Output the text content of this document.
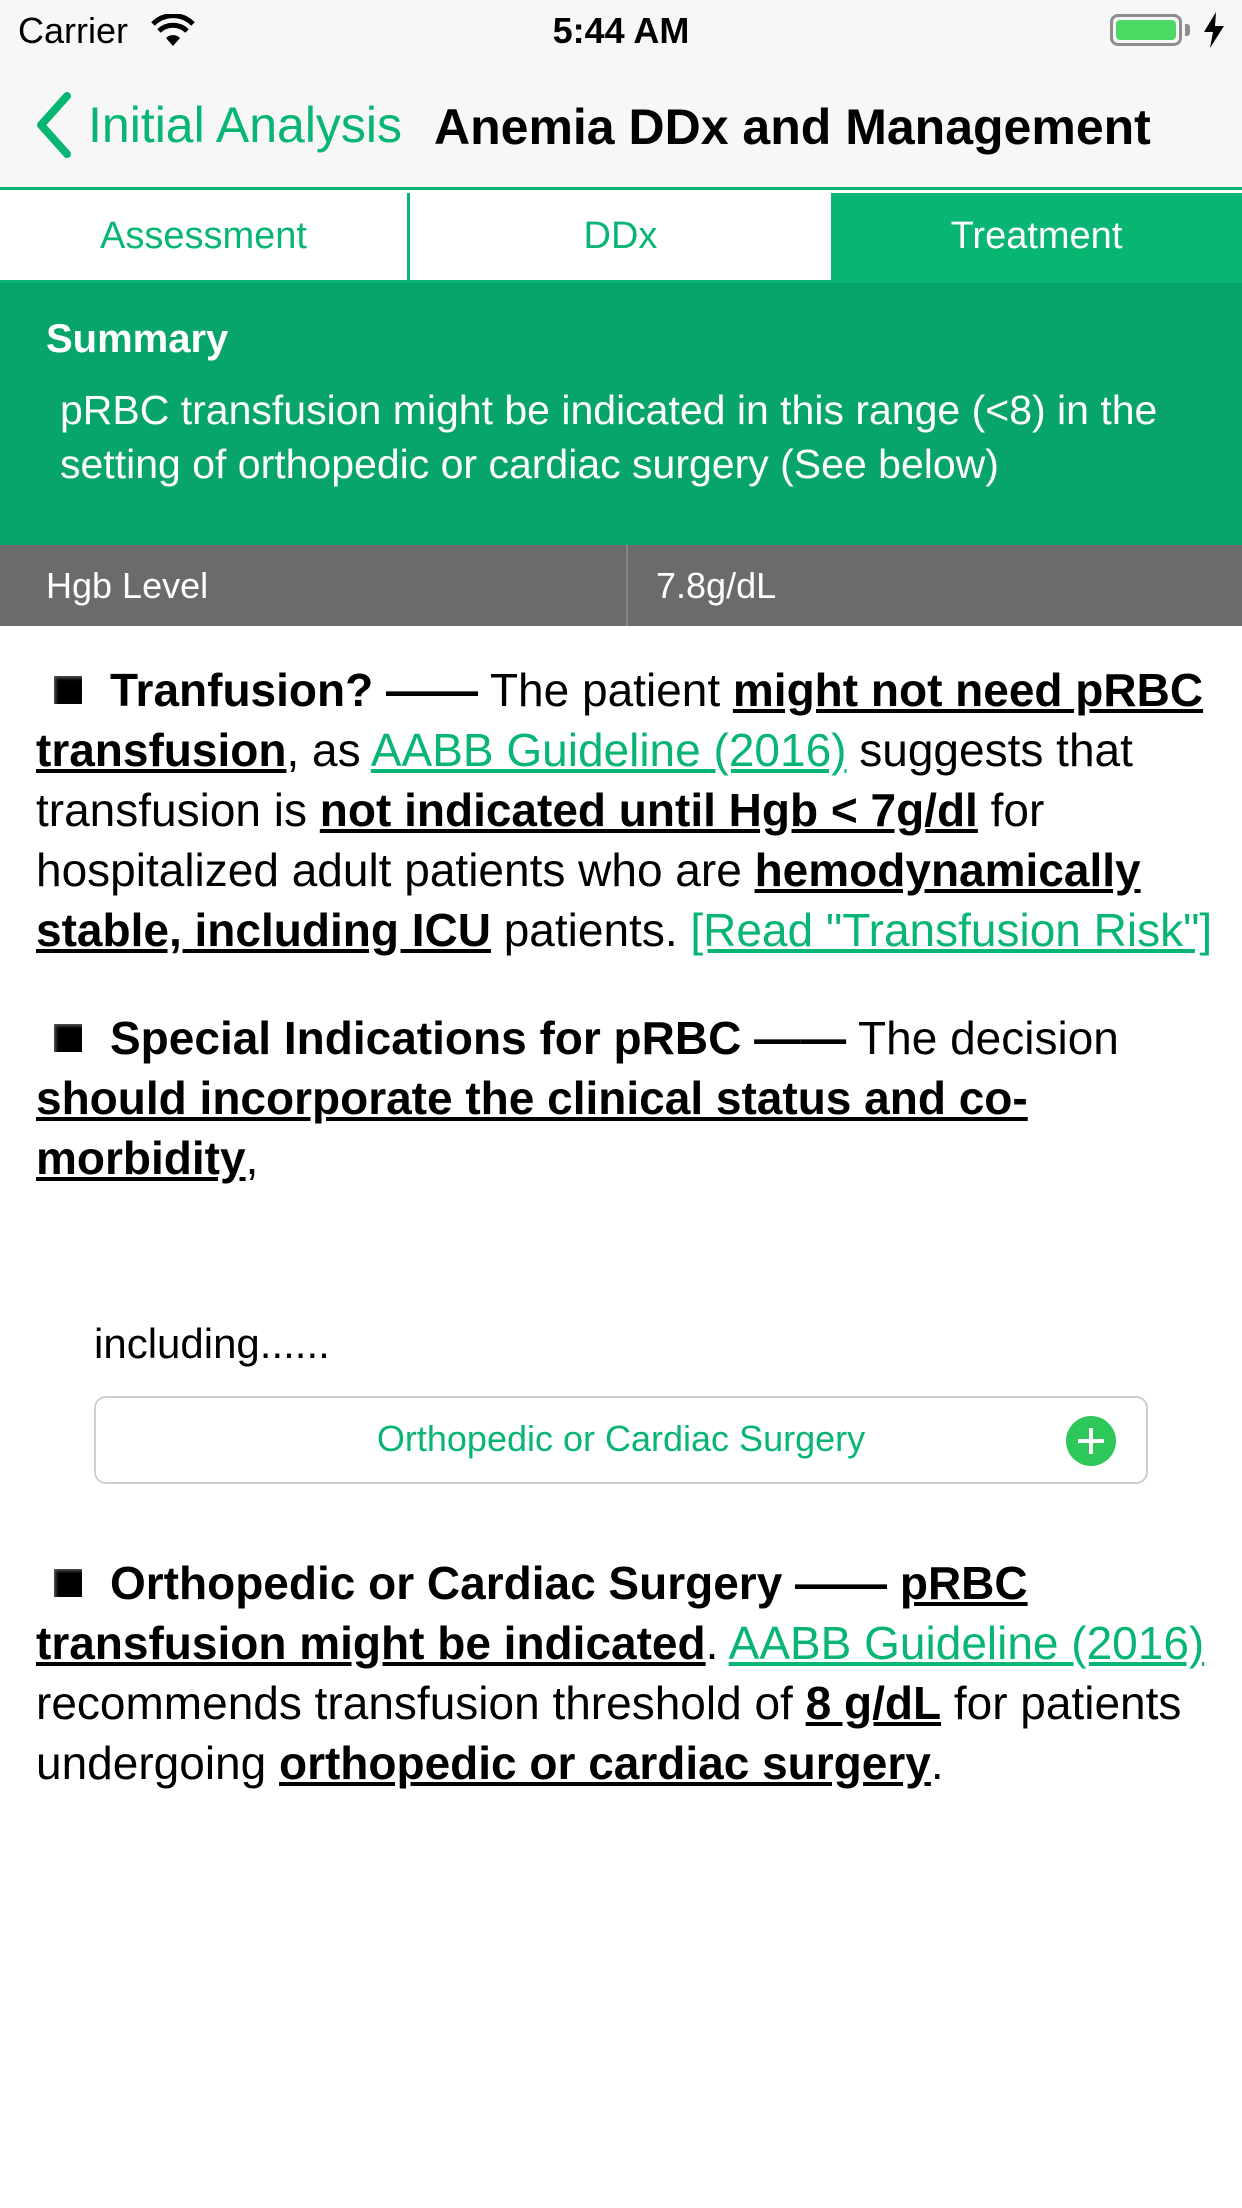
Carrier	5:44 AM
Initial Analysis Anemia DDx and Management
Assessment	DDx	Treatment
Summary
pRBC transfusion might be indicated in this range (<8) in the setting of orthopedic or cardiac surgery (See below)
Hgb Level	7.8g/dL

Tranfusion? —— The patient might not need pRBC transfusion, as AABB Guideline (2016) suggests that transfusion is not indicated until Hgb < 7g/dl for hospitalized adult patients who are hemodynamically stable, including ICU patients. [Read "Transfusion Risk"]

Special Indications for pRBC —— The decision should incorporate the clinical status and co-morbidity,

including......
Orthopedic or Cardiac Surgery

Orthopedic or Cardiac Surgery —— pRBC transfusion might be indicated. AABB Guideline (2016) recommends transfusion threshold of 8 g/dL for patients undergoing orthopedic or cardiac surgery.
